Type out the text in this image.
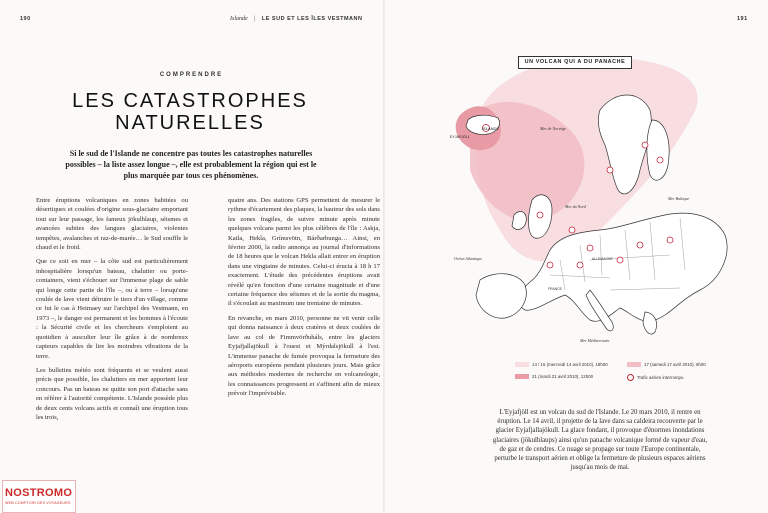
190	Islande | LE SUD ET LES ÎLES VESTMANN	191
COMPRENDRE
LES CATASTROPHES
NATURELLES
Si le sud de l'Islande ne concentre pas toutes les catastrophes naturelles possibles – la liste assez longue –, elle est probablement la région qui est le plus marquée par tous ces phénomènes.

Entre éruptions volcaniques en zones habitées ou désertiques et coulées d'origine sous-glaciaire emportant tout sur leur passage, les fameux jökulhlaup, séismes et avancées subites des langues glaciaires, violentes tempêtes, avalanches et raz-de-marée… le Sud souffle le chaud et le froid.

Que ce soit en mer – la côte sud est particulièrement inhospitalière lorsqu'un bateau, chalutier ou porte-containers, vient s'échouer sur l'immense plage de sable qui longe cette partie de l'île –, ou à terre – lorsqu'une coulée de lave vient détruire le tiers d'un village, comme ce fut le cas à Heimaey sur l'archipel des Vestmann, en 1973 –, le danger est permanent et les hommes à l'écoute : la Sécurité civile et les chercheurs s'emploient au quotidien à ausculter leur île grâce à de nombreux capteurs capables de lire les moindres vibrations de la terre.

Les bulletins météo sont fréquents et se veulent aussi précis que possible, les chalutiers en mer apportent leur concours. Pas un bateau ne quitte son port d'attache sans en référer à l'autorité compétente. L'Islande possède plus de deux cents volcans actifs et connaît une éruption tous les trois,

quatre ans. Des stations GPS permettent de mesurer le rythme d'écartement des plaques, la hauteur des sols dans les zones fragiles, de suivre minute après minute quelques volcans parmi les plus célèbres de l'île : Askja, Katla, Hekla, Grímsvötn, Bárðarbunga… Ainsi, en février 2000, la radio annonça au journal d'informations de 18 heures que le volcan Hekla allait entrer en éruption dans une vingtaine de minutes. Celui-ci éructa à 18 h 17 exactement. L'étude des précédentes éruptions avait révélé qu'en fonction d'une certaine magnitude et d'une certaine fréquence des séismes et de la sortie du magma, il s'écoulait au maximum une trentaine de minutes.

En revanche, en mars 2010, personne ne vit venir celle qui donna naissance à deux cratères et deux coulées de lave au col de Fimmvörðuháls, entre les glaciers Eyjafjallajökull à l'ouest et Mýrdalsjökull à l'est. L'immense panache de fumée provoqua la fermeture des aéroports européens pendant plusieurs jours. Mais grâce aux méthodes modernes de recherche en volcanologie, les connaissances progressent et s'affinent afin de mieux prévoir l'imprévisible.

ISLANDE
EYJAFJÖLL
Mer de Norvège
Mer du Nord
Mer Baltique
Océan Atlantique
Mer Méditerranée
FRANCE
ALLEMAGNE
UN VOLCAN QUI A DU PANACHE
14 / 15 (mercredi 14 avril 2010), 18h00	17 (samedi 17 avril 2010), 6h00
21 (mardi 21 avril 2010), 12h00	Trafic aérien interrompu
L'Eyjafjöll est un volcan du sud de l'Islande. Le 20 mars 2010, il rentre en éruption. Le 14 avril, il projette de la lave dans sa caldeira recouverte par le glacier Eyjafjallajökull. La glace fondant, il provoque d'énormes inondations glaciaires (jökulhlaups) ainsi qu'un panache volcanique formé de vapeur d'eau, de gaz et de cendres. Ce nuage se propage sur toute l'Europe continentale, perturbe le transport aérien et oblige la fermeture de plusieurs espaces aériens jusqu'au mois de mai.
NOSTROMO
WEB COMPTOIR DES VOYAGEURS
